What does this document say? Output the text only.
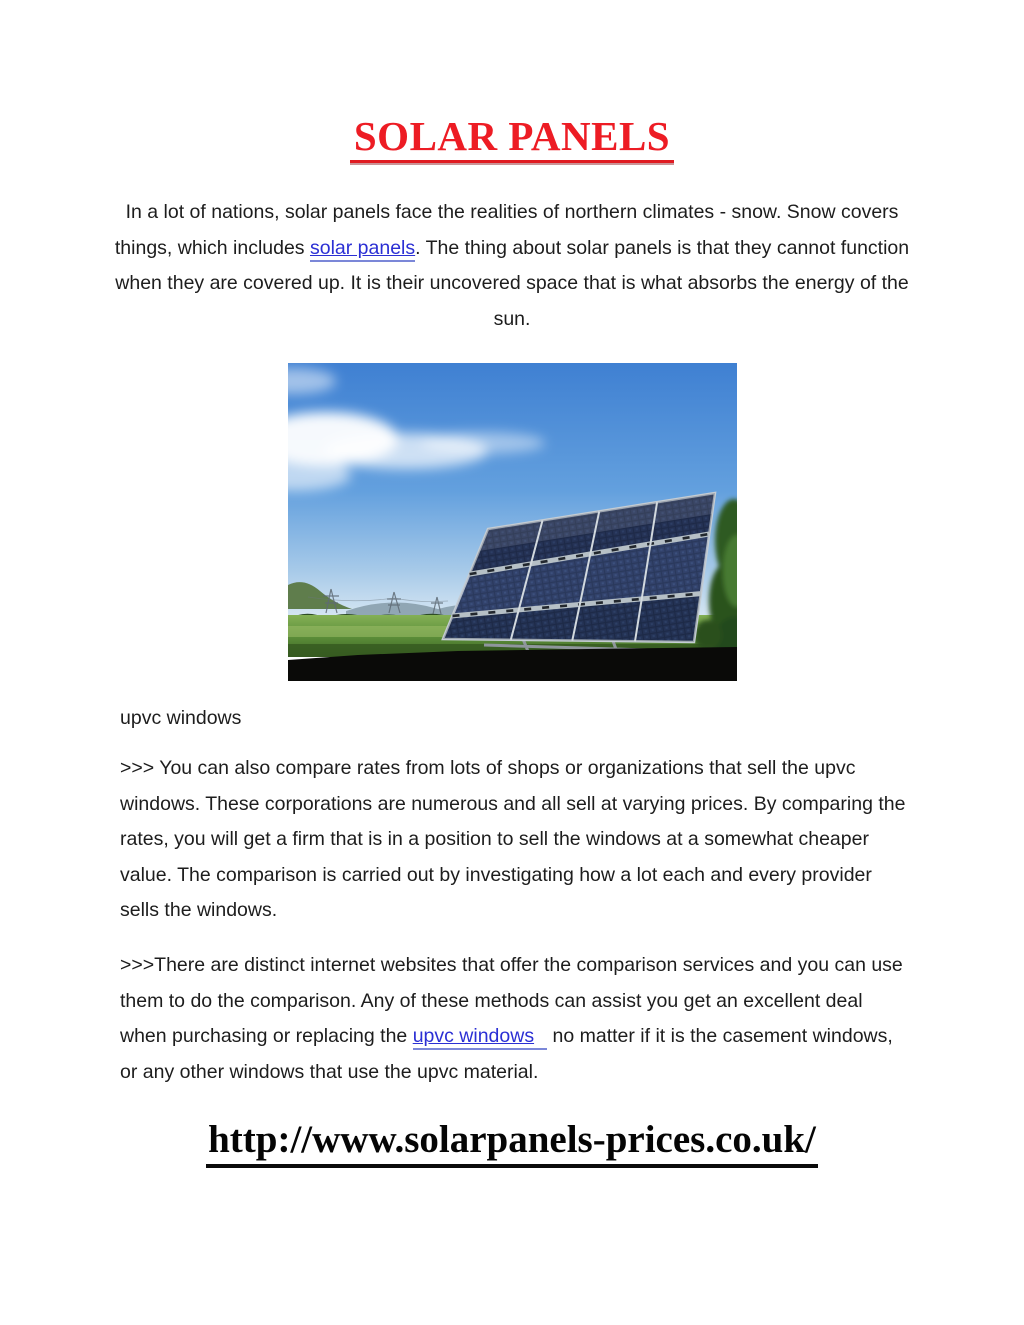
SOLAR PANELS

In a lot of nations, solar panels face the realities of northern climates - snow. Snow covers things, which includes solar panels. The thing about solar panels is that they cannot function when they are covered up. It is their uncovered space that is what absorbs the energy of the sun.

upvc windows

>>> You can also compare rates from lots of shops or organizations that sell the upvc windows. These corporations are numerous and all sell at varying prices. By comparing the rates, you will get a firm that is in a position to sell the windows at a somewhat cheaper value. The comparison is carried out by investigating how a lot each and every provider sells the windows.

>>>There are distinct internet websites that offer the comparison services and you can use them to do the comparison. Any of these methods can assist you get an excellent deal when purchasing or replacing the upvc windows no matter if it is the casement windows, or any other windows that use the upvc material.

http://www.solarpanels-prices.co.uk/
